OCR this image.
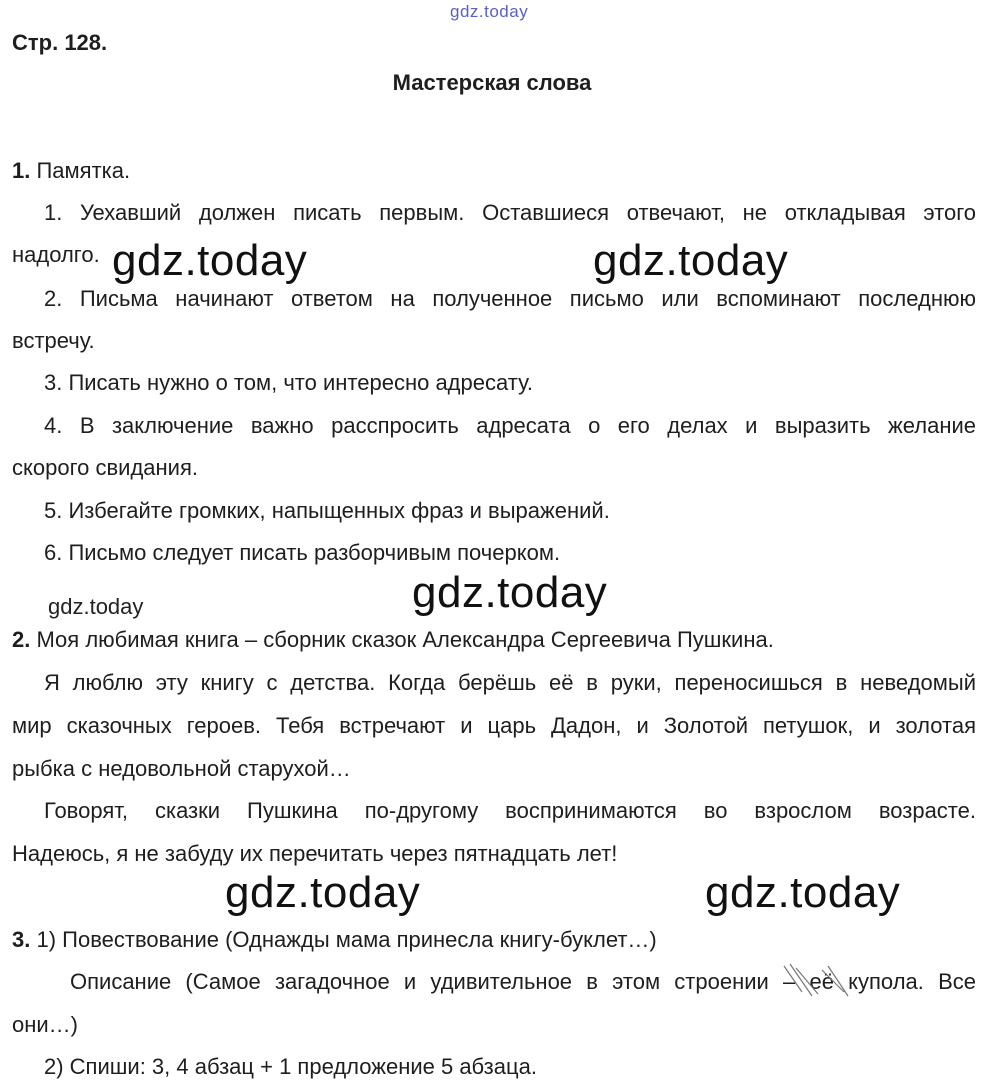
gdz.today
Стр. 128.
Мастерская слова
1. Памятка.
1. Уехавший должен писать первым. Оставшиеся отвечают, не откладывая этого
надолго.
2. Письма начинают ответом на полученное письмо или вспоминают последнюю
встречу.
3. Писать нужно о том, что интересно адресату.
4. В заключение важно расспросить адресата о его делах и выразить желание
скорого свидания.
5. Избегайте громких, напыщенных фраз и выражений.
6. Письмо следует писать разборчивым почерком.
2. Моя любимая книга – сборник сказок Александра Сергеевича Пушкина.
Я люблю эту книгу с детства. Когда берёшь её в руки, переносишься в неведомый
мир сказочных героев. Тебя встречают и царь Дадон, и Золотой петушок, и золотая
рыбка с недовольной старухой…
Говорят, сказки Пушкина по-другому воспринимаются во взрослом возрасте.
Надеюсь, я не забуду их перечитать через пятнадцать лет!
3. 1) Повествование (Однажды мама принесла книгу-буклет…)
Описание (Самое загадочное и удивительное в этом строении – её купола. Все
они…)
2) Спиши: 3, 4 абзац + 1 предложение 5 абзаца.
gdz.today	gdz.today
gdz.today
gdz.today
gdz.today	gdz.today
